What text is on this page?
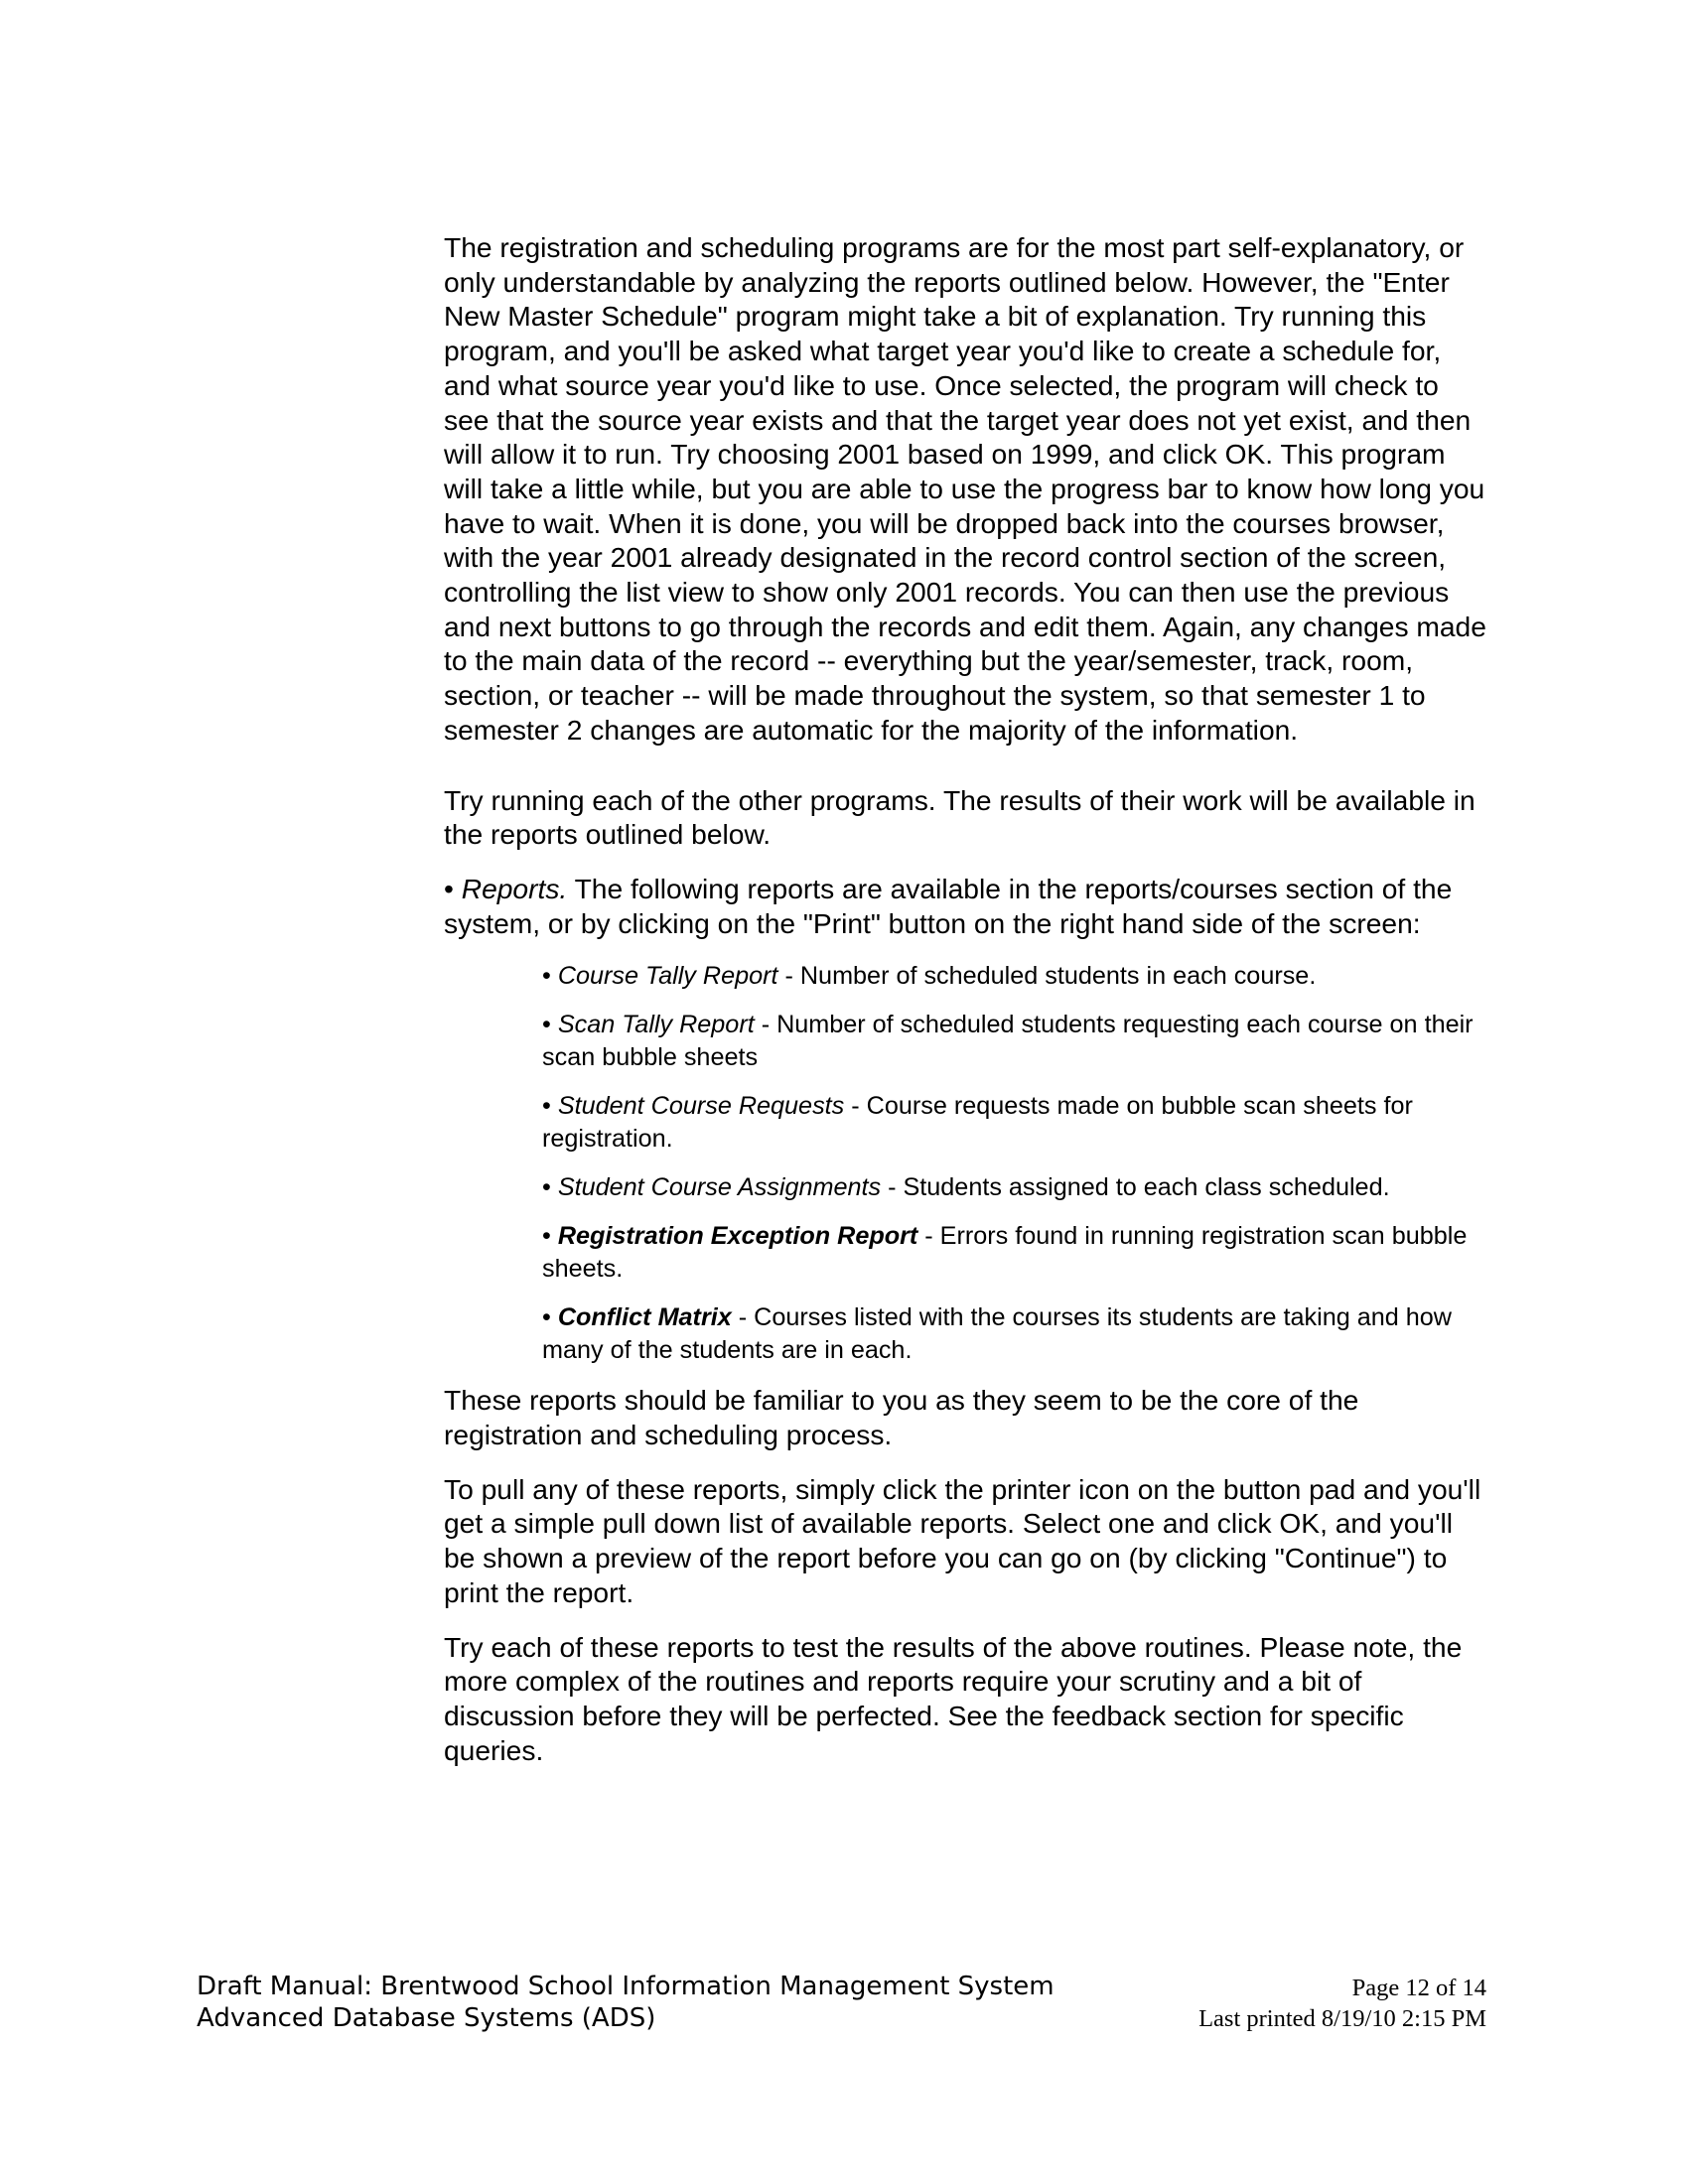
The registration and scheduling programs are for the most part self-explanatory, or only understandable by analyzing the reports outlined below. However, the "Enter New Master Schedule" program might take a bit of explanation. Try running this program, and you'll be asked what target year you'd like to create a schedule for, and what source year you'd like to use. Once selected, the program will check to see that the source year exists and that the target year does not yet exist, and then will allow it to run. Try choosing 2001 based on 1999, and click OK. This program will take a little while, but you are able to use the progress bar to know how long you have to wait. When it is done, you will be dropped back into the courses browser, with the year 2001 already designated in the record control section of the screen, controlling the list view to show only 2001 records. You can then use the previous and next buttons to go through the records and edit them. Again, any changes made to the main data of the record -- everything but the year/semester, track, room, section, or teacher -- will be made throughout the system, so that semester 1 to semester 2 changes are automatic for the majority of the information.

Try running each of the other programs. The results of their work will be available in the reports outlined below.

• Reports. The following reports are available in the reports/courses section of the system, or by clicking on the "Print" button on the right hand side of the screen:

• Course Tally Report - Number of scheduled students in each course.
• Scan Tally Report - Number of scheduled students requesting each course on their scan bubble sheets
• Student Course Requests - Course requests made on bubble scan sheets for registration.
• Student Course Assignments - Students assigned to each class scheduled.
• Registration Exception Report - Errors found in running registration scan bubble sheets.
• Conflict Matrix - Courses listed with the courses its students are taking and how many of the students are in each.

These reports should be familiar to you as they seem to be the core of the registration and scheduling process.

To pull any of these reports, simply click the printer icon on the button pad and you'll get a simple pull down list of available reports. Select one and click OK, and you'll be shown a preview of the report before you can go on (by clicking "Continue") to print the report.

Try each of these reports to test the results of the above routines. Please note, the more complex of the routines and reports require your scrutiny and a bit of discussion before they will be perfected. See the feedback section for specific queries.

Draft Manual: Brentwood School Information Management System
Advanced Database Systems (ADS)
Page 12 of 14
Last printed 8/19/10 2:15 PM
